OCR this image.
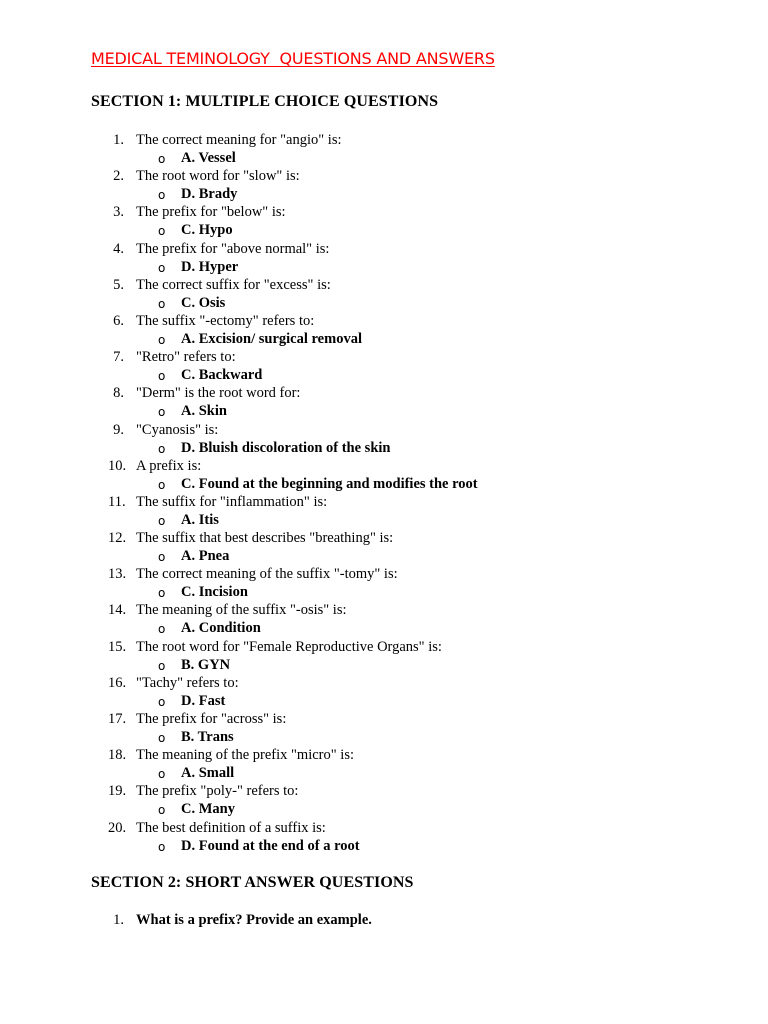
MEDICAL TEMINOLOGY  QUESTIONS AND ANSWERS
SECTION 1: MULTIPLE CHOICE QUESTIONS
1. The correct meaning for "angio" is:
o A. Vessel
2. The root word for "slow" is:
o D. Brady
3. The prefix for "below" is:
o C. Hypo
4. The prefix for "above normal" is:
o D. Hyper
5. The correct suffix for "excess" is:
o C. Osis
6. The suffix "-ectomy" refers to:
o A. Excision/ surgical removal
7. "Retro" refers to:
o C. Backward
8. "Derm" is the root word for:
o A. Skin
9. "Cyanosis" is:
o D. Bluish discoloration of the skin
10. A prefix is:
o C. Found at the beginning and modifies the root
11. The suffix for "inflammation" is:
o A. Itis
12. The suffix that best describes "breathing" is:
o A. Pnea
13. The correct meaning of the suffix "-tomy" is:
o C. Incision
14. The meaning of the suffix "-osis" is:
o A. Condition
15. The root word for "Female Reproductive Organs" is:
o B. GYN
16. "Tachy" refers to:
o D. Fast
17. The prefix for "across" is:
o B. Trans
18. The meaning of the prefix "micro" is:
o A. Small
19. The prefix "poly-" refers to:
o C. Many
20. The best definition of a suffix is:
o D. Found at the end of a root
SECTION 2: SHORT ANSWER QUESTIONS
1. What is a prefix? Provide an example.
